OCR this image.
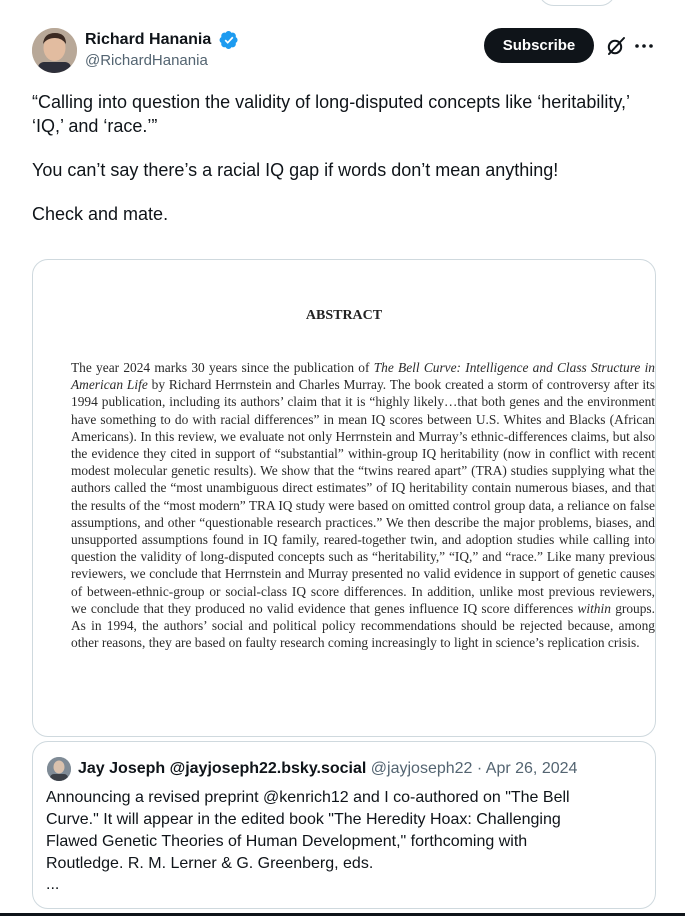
Richard Hanania
@RichardHanania
Subscribe

“Calling into question the validity of long-disputed concepts like ‘heritability,’ ‘IQ,’ and ‘race.’”

You can’t say there’s a racial IQ gap if words don’t mean anything!

Check and mate.

ABSTRACT
The year 2024 marks 30 years since the publication of The Bell Curve: Intelligence and Class Structure in American Life by Richard Herrnstein and Charles Murray. The book created a storm of controversy after its 1994 publication, including its authors’ claim that it is “highly likely…that both genes and the environment have something to do with racial differences” in mean IQ scores between U.S. Whites and Blacks (African Americans). In this review, we evaluate not only Herrnstein and Murray’s ethnic-differences claims, but also the evidence they cited in support of “substantial” within-group IQ heritability (now in conflict with recent modest molecular genetic results). We show that the “twins reared apart” (TRA) studies supplying what the authors called the “most unambiguous direct estimates” of IQ heritability contain numerous biases, and that the results of the “most modern” TRA IQ study were based on omitted control group data, a reliance on false assumptions, and other “questionable research practices.” We then describe the major problems, biases, and unsupported assumptions found in IQ family, reared-together twin, and adoption studies while calling into question the validity of long-disputed concepts such as “heritability,” “IQ,” and “race.” Like many previous reviewers, we conclude that Herrnstein and Murray presented no valid evidence in support of genetic causes of between-ethnic-group or social-class IQ score differences. In addition, unlike most previous reviewers, we conclude that they produced no valid evidence that genes influence IQ score differences within groups. As in 1994, the authors’ social and political policy recommendations should be rejected because, among other reasons, they are based on faulty research coming increasingly to light in science’s replication crisis.
Jay Joseph @jayjoseph22.bsky.social @jayjoseph22 · Apr 26, 2024
Announcing a revised preprint @kenrich12 and I co-authored on "The Bell Curve." It will appear in the edited book "The Heredity Hoax: Challenging Flawed Genetic Theories of Human Development," forthcoming with Routledge. R. M. Lerner & G. Greenberg, eds.
...
